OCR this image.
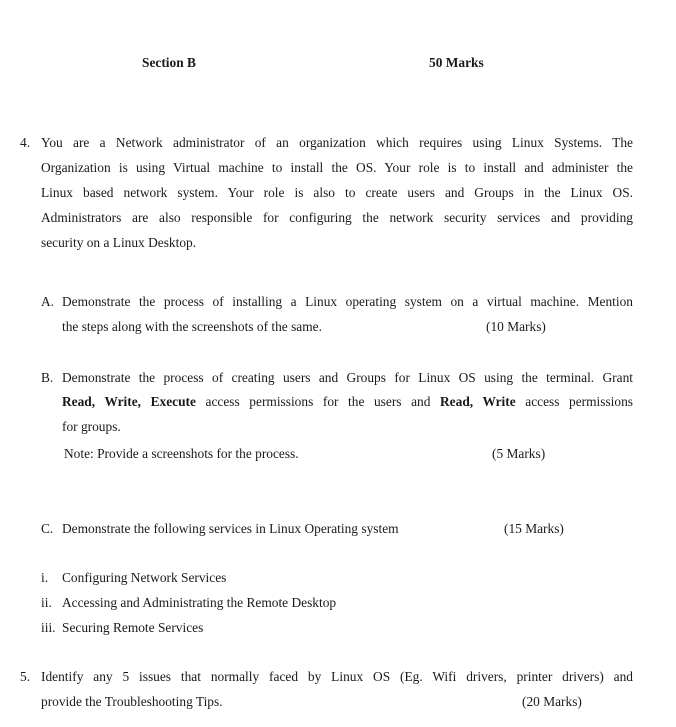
Section B	50 Marks
4. You are a Network administrator of an organization which requires using Linux Systems. The
Organization is using Virtual machine to install the OS. Your role is to install and administer the
Linux based network system. Your role is also to create users and Groups in the Linux OS.
Administrators are also responsible for configuring the network security services and providing
security on a Linux Desktop.
A. Demonstrate the process of installing a Linux operating system on a virtual machine. Mention
the steps along with the screenshots of the same.	(10 Marks)
B. Demonstrate the process of creating users and Groups for Linux OS using the terminal. Grant
Read, Write, Execute access permissions for the users and Read, Write access permissions
for groups.
Note: Provide a screenshots for the process.	(5 Marks)
C. Demonstrate the following services in Linux Operating system	(15 Marks)
i. Configuring Network Services
ii. Accessing and Administrating the Remote Desktop
iii. Securing Remote Services
5. Identify any 5 issues that normally faced by Linux OS (Eg. Wifi drivers, printer drivers) and
provide the Troubleshooting Tips.	(20 Marks)
